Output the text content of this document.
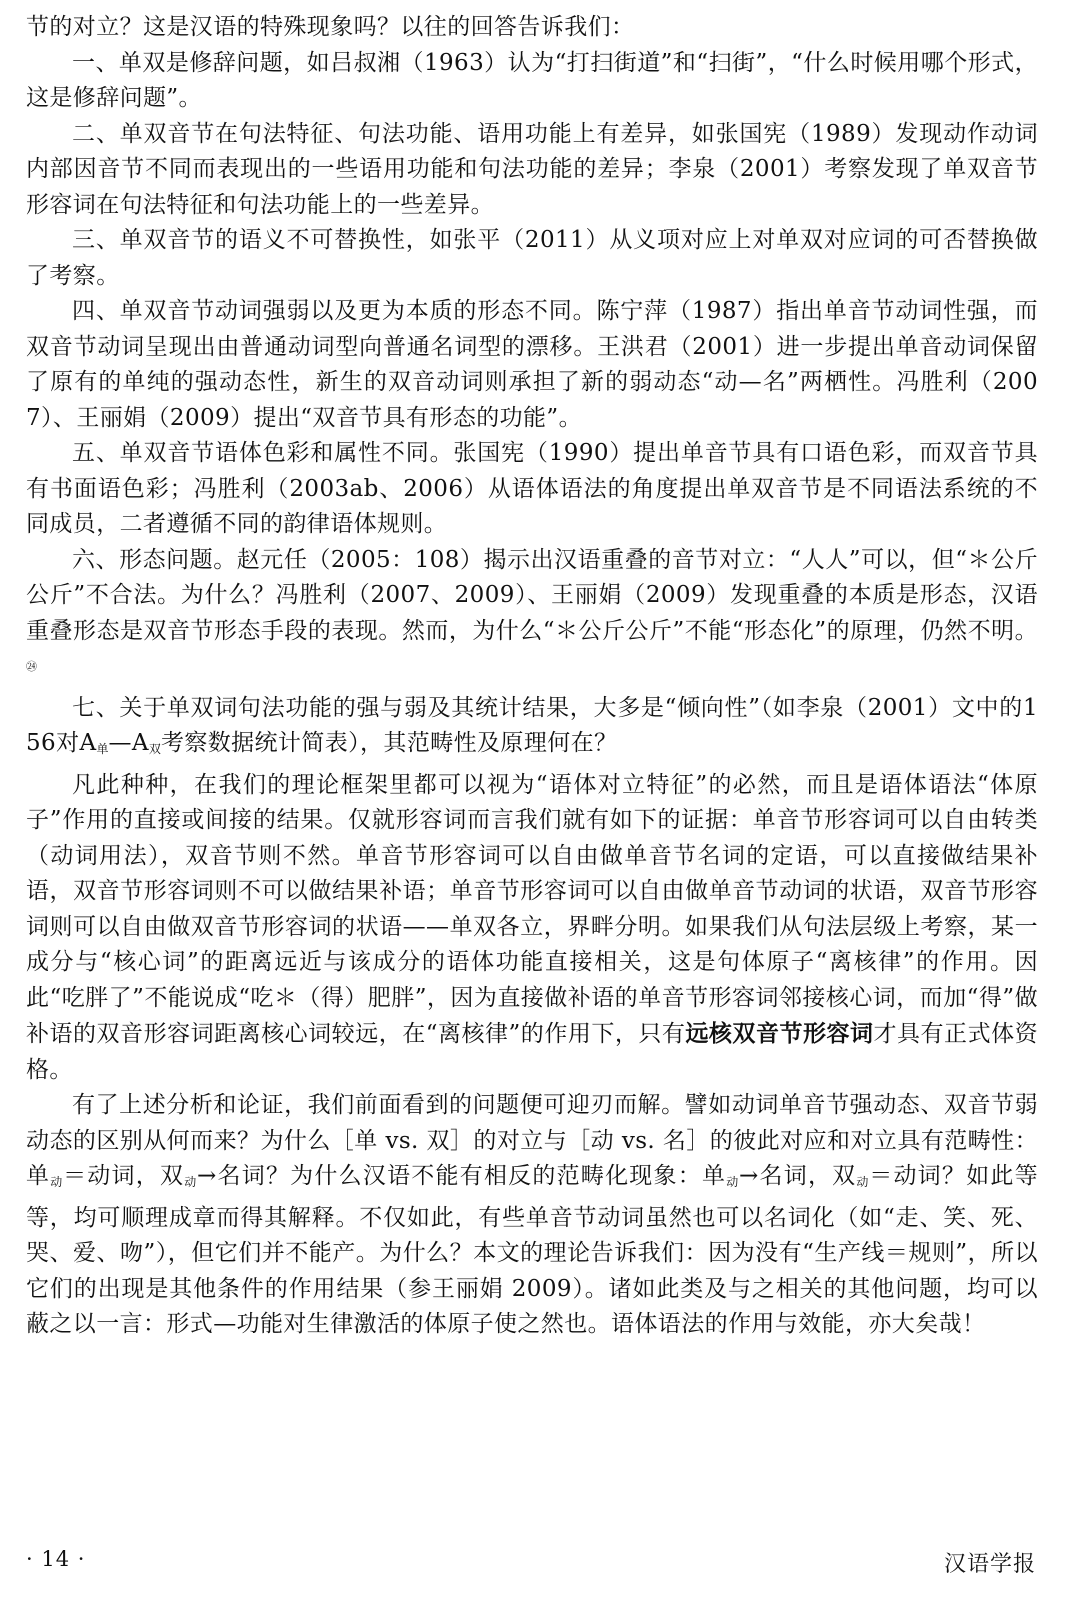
节的对立？这是汉语的特殊现象吗？以往的回答告诉我们：

一、单双是修辞问题，如吕叔湘（1963）认为“打扫街道”和“扫街”，“什么时候用哪个形式，这是修辞问题”。

二、单双音节在句法特征、句法功能、语用功能上有差异，如张国宪（1989）发现动作动词内部因音节不同而表现出的一些语用功能和句法功能的差异；李泉（2001）考察发现了单双音节形容词在句法特征和句法功能上的一些差异。

三、单双音节的语义不可替换性，如张平（2011）从义项对应上对单双对应词的可否替换做了考察。

四、单双音节动词强弱以及更为本质的形态不同。陈宁萍（1987）指出单音节动词性强，而双音节动词呈现出由普通动词型向普通名词型的漂移。王洪君（2001）进一步提出单音动词保留了原有的单纯的强动态性，新生的双音动词则承担了新的弱动态“动—名”两栖性。冯胜利（2007）、王丽娟（2009）提出“双音节具有形态的功能”。

五、单双音节语体色彩和属性不同。张国宪（1990）提出单音节具有口语色彩，而双音节具有书面语色彩；冯胜利（2003ab、2006）从语体语法的角度提出单双音节是不同语法系统的不同成员，二者遵循不同的韵律语体规则。

六、形态问题。赵元任（2005：108）揭示出汉语重叠的音节对立：“人人”可以，但“＊公斤公斤”不合法。为什么？冯胜利（2007、2009）、王丽娟（2009）发现重叠的本质是形态，汉语重叠形态是双音节形态手段的表现。然而，为什么“＊公斤公斤”不能“形态化”的原理，仍然不明。$^㉔$

七、关于单双词句法功能的强与弱及其统计结果，大多是“倾向性”（如李泉（2001）文中的156对$A_单—A_双$考察数据统计简表），其范畴性及原理何在？

凡此种种，在我们的理论框架里都可以视为“语体对立特征”的必然，而且是语体语法“体原子”作用的直接或间接的结果。仅就形容词而言我们就有如下的证据：单音节形容词可以自由转类（动词用法），双音节则不然。单音节形容词可以自由做单音节名词的定语，可以直接做结果补语，双音节形容词则不可以做结果补语；单音节形容词可以自由做单音节动词的状语，双音节形容词则可以自由做双音节形容词的状语——单双各立，界畔分明。如果我们从句法层级上考察，某一成分与“核心词”的距离远近与该成分的语体功能直接相关，这是句体原子“离核律”的作用。因此“吃胖了”不能说成“吃＊（得）肥胖”，因为直接做补语的单音节形容词邻接核心词，而加“得”做补语的双音形容词距离核心词较远，在“离核律”的作用下，只有远核双音节形容词才具有正式体资格。

有了上述分析和论证，我们前面看到的问题便可迎刃而解。譬如动词单音节强动态、双音节弱动态的区别从何而来？为什么［单 vs. 双］的对立与［动 vs. 名］的彼此对应和对立具有范畴性：单$_动$＝动词，双$_动$→名词？为什么汉语不能有相反的范畴化现象：单$_动$→名词，双$_动$＝动词？如此等等，均可顺理成章而得其解释。不仅如此，有些单音节动词虽然也可以名词化（如“走、笑、死、哭、爱、吻”），但它们并不能产。为什么？本文的理论告诉我们：因为没有“生产线＝规则”，所以它们的出现是其他条件的作用结果（参王丽娟 2009）。诸如此类及与之相关的其他问题，均可以蔽之以一言：形式—功能对生律激活的体原子使之然也。语体语法的作用与效能，亦大矣哉！

· 14 ·	汉语学报
